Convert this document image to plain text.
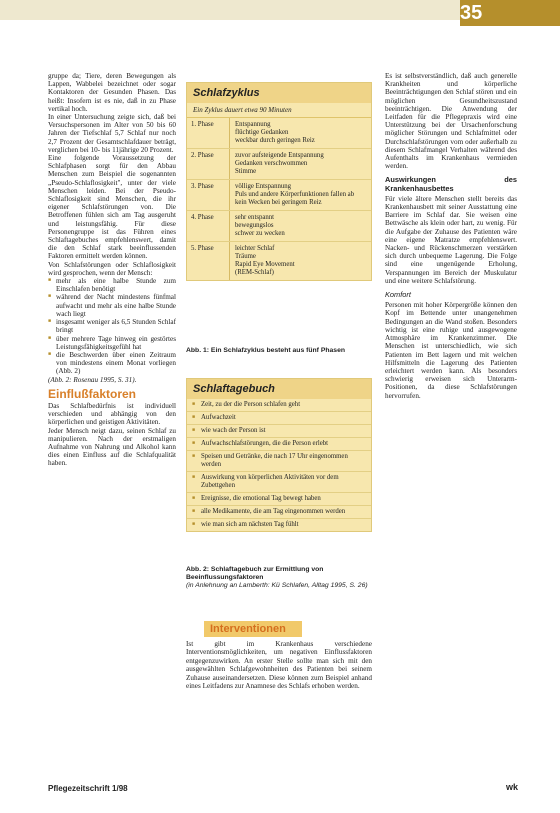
35

gruppe da; Tiere, deren Bewegungen als Lappen, Wabbelei bezeichnet oder sogar Kontaktoren der Gesunden Phasen. Das heißt: Insofern ist es nie, daß in zu Phase vertikal hoch.

In einer Untersuchung zeigte sich, daß bei Versuchspersonen im Alter von 50 bis 60 Jahren der Tiefschlaf 5,7 Schlaf nur noch 2,7 Prozent der Gesamtschlafdauer beträgt, verglichen bei 10- bis 11jährige 20 Prozent.

Eine folgende Voraussetzung der Schlafphasen sorgt für den Abbau Menschen zum Beispiel die sogenannten „Pseudo-Schlaflosigkeit", unter der viele Menschen leiden. Bei der Pseudo-Schlaflosigkeit sind Menschen, die ihr eigener Schlafstörungen von. Die Betroffenen fühlen sich am Tag ausgeruht und leistungsfähig. Für diese Personengruppe ist das Führen eines Schlaftagebuches empfehlenswert, damit die den Schlaf stark beeinflussenden Faktoren ermittelt werden können.

Von Schlafstörungen oder Schlaflosigkeit wird gesprochen, wenn der Mensch:

■ mehr als eine halbe Stunde zum Einschlafen benötigt
■ während der Nacht mindestens fünfmal aufwacht und mehr als eine halbe Stunde wach liegt
■ insgesamt weniger als 6,5 Stunden Schlaf bringt
■ über mehrere Tage hinweg ein gestörtes Leistungsfähigkeitsgefühl hat
■ die Beschwerden über einen Zeitraum von mindestens einem Monat vorliegen (Abb. 2)

(Abb. 2: Rosenau 1995, S. 31).

Einflußfaktoren

Das Schlafbedürfnis ist individuell verschieden und abhängig von den körperlichen und geistigen Aktivitäten.

Jeder Mensch neigt dazu, seinen Schlaf zu manipulieren. Nach der erstmaligen Aufnahme von Nahrung und Alkohol kann dies einen Einfluss auf die Schlafqualität haben.

Schlafzyklus
Ein Zyklus dauert etwa 90 Minuten
1. Phase	Entspannung
flüchtige Gedanken
weckbar durch geringen Reiz
2. Phase	zuvor aufsteigende Entspannung
Gedanken verschwommen
Stimme
3. Phase	völlige Entspannung
Puls und andere Körperfunktionen fallen ab
kein Wecken bei geringem Reiz
4. Phase	sehr entspannt
bewegungslos
schwer zu wecken
5. Phase	leichter Schlaf
Träume
Rapid Eye Movement
(REM-Schlaf)
Abb. 1: Ein Schlafzyklus besteht aus fünf Phasen
Schlaftagebuch
■ Zeit, zu der die Person schlafen geht
■ Aufwachzeit
■ wie wach der Person ist
■ Aufwachschlafstörungen, die die Person erlebt
■ Speisen und Getränke, die nach 17 Uhr eingenommen werden
■ Auswirkung von körperlichen Aktivitäten vor dem Zubettgehen
■ Ereignisse, die emotional Tag bewegt haben
■ alle Medikamente, die am Tag eingenommen werden
■ wie man sich am nächsten Tag fühlt
Abb. 2: Schlaftagebuch zur Ermittlung von Beeinflussungsfaktoren
(in Anlehnung an Lamberth: Kü Schlafen, Alltag 1995, S. 26)
Interventionen
Ist gibt im Krankenhaus verschiedene Interventionsmöglichkeiten, um negativen Einflussfaktoren entgegenzuwirken. An erster Stelle sollte man sich mit den ausgewählten Schlafgewohnheiten des Patienten bei seinem Zuhause auseinandersetzen. Diese können zum Beispiel anhand eines Leitfadens zur Anamnese des Schlafs erhoben werden.

Es ist selbstverständlich, daß auch generelle Krankheiten und körperliche Beeinträchtigungen den Schlaf stören und ein möglichen Gesundheitszustand beeinträchtigen. Die Anwendung der Leitfaden für die Pflegepraxis wird eine Unterstützung bei der Ursachenforschung möglicher Störungen und Schlafmittel oder Durchschlafstörungen vom oder außerhalb zu diesem Schlafmangel Verhalten während des Aufenthalts im Krankenhaus vermieden werden.

Auswirkungen des Krankenhausbettes

Für viele ältere Menschen stellt bereits das Krankenhausbett mit seiner Ausstattung eine Barriere im Schlaf dar. Sie weisen eine Bettwäsche als klein oder hart, zu wenig. Für die Aufgabe der Zuhause des Patienten wäre eine eigene Matratze empfehlenswert. Nacken- und Rückenschmerzen verstärken sich durch unbequeme Lagerung. Die Folge sind eine ungenügende Erholung, Verspannungen im Bereich der Muskulatur und eine weitere Schlafstörung.

Komfort

Personen mit hoher Körpergröße können den Kopf im Bettende unter unangenehmen Bedingungen an die Wand stoßen. Besonders wichtig ist eine ruhige und ausgewogene Atmosphäre im Krankenzimmer. Die Menschen ist unterschiedlich, wie sich Patienten im Bett lagern und mit welchen Hilfsmitteln die Lagerung des Patienten erleichtert werden kann. Als besonders schwierig erweisen sich Unterarm-Positionen, da diese Schlafstörungen hervorrufen.

Pflegezeitschrift 1/98	wk
